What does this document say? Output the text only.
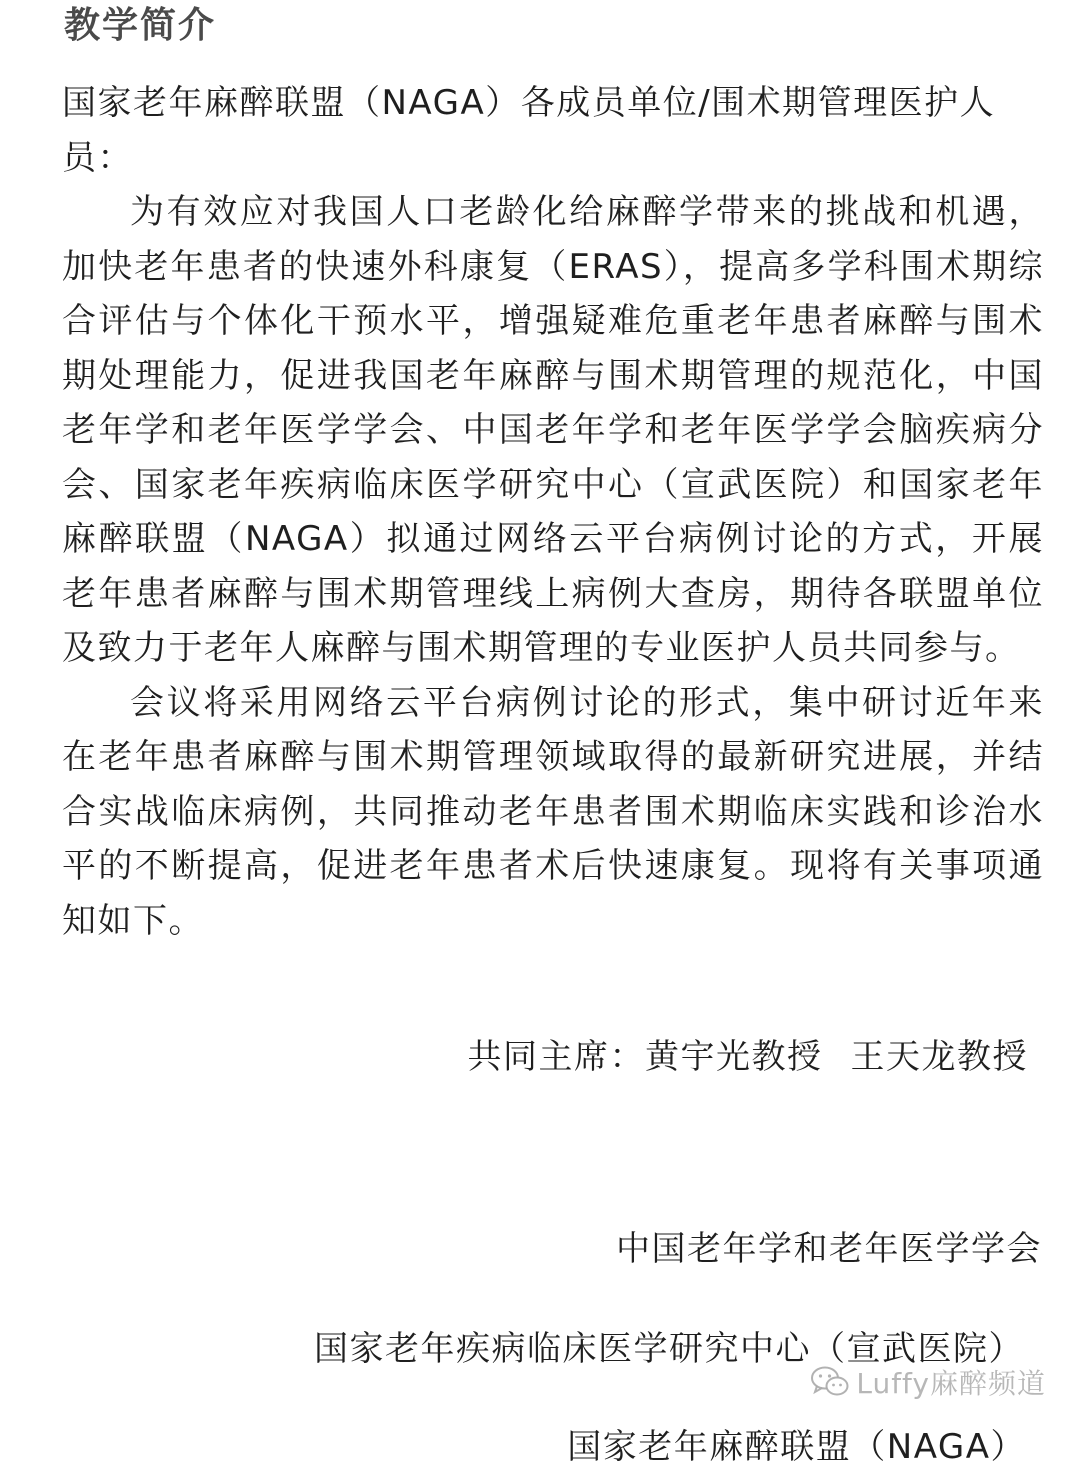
教学简介

国家老年麻醉联盟（NAGA）各成员单位/围术期管理医护人员：

为有效应对我国人口老龄化给麻醉学带来的挑战和机遇，加快老年患者的快速外科康复（ERAS），提高多学科围术期综合评估与个体化干预水平，增强疑难危重老年患者麻醉与围术期处理能力，促进我国老年麻醉与围术期管理的规范化，中国老年学和老年医学学会、中国老年学和老年医学学会脑疾病分会、国家老年疾病临床医学研究中心（宣武医院）和国家老年麻醉联盟（NAGA）拟通过网络云平台病例讨论的方式，开展老年患者麻醉与围术期管理线上病例大查房，期待各联盟单位及致力于老年人麻醉与围术期管理的专业医护人员共同参与。

会议将采用网络云平台病例讨论的形式，集中研讨近年来在老年患者麻醉与围术期管理领域取得的最新研究进展，并结合实战临床病例，共同推动老年患者围术期临床实践和诊治水平的不断提高，促进老年患者术后快速康复。现将有关事项通知如下。

共同主席：黄宇光教授 王天龙教授
中国老年学和老年医学学会
国家老年疾病临床医学研究中心（宣武医院）
Luffy麻醉频道
国家老年麻醉联盟（NAGA）
